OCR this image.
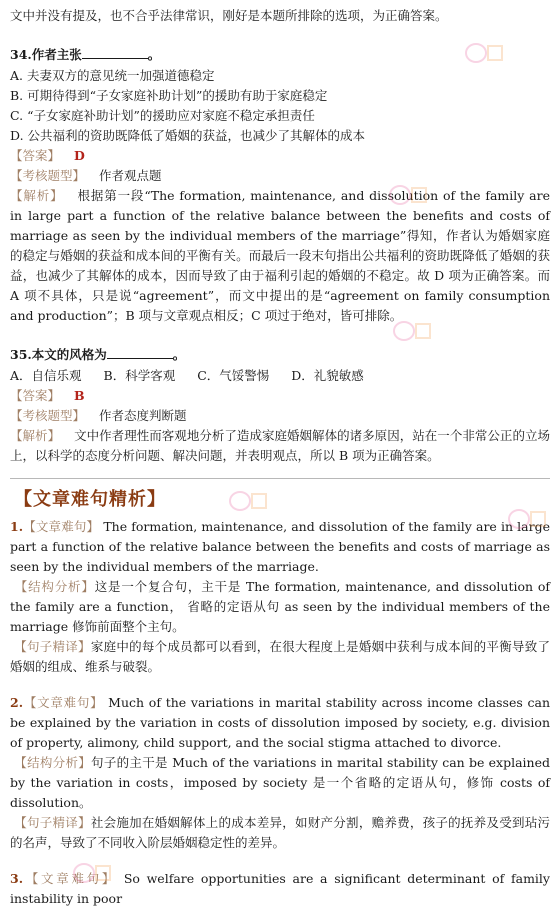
文中并没有提及，也不合乎法律常识，刚好是本题所排除的选项，为正确答案。
34.作者主张	。
A. 夫妻双方的意见统一加强道德稳定
B. 可期待得到“子女家庭补助计划”的援助有助于家庭稳定
C. “子女家庭补助计划”的援助应对家庭不稳定承担责任
D. 公共福利的资助既降低了婚姻的获益，也减少了其解体的成本
【答案】 D
【考核题型】 作者观点题
【解析】 根据第一段“The formation, maintenance, and dissolution of the family are in large part a function of the relative balance between the benefits and costs of marriage as seen by the individual members of the marriage”得知，作者认为婚姻家庭的稳定与婚姻的获益和成本间的平衡有关。而最后一段末句指出公共福利的资助既降低了婚姻的获益，也减少了其解体的成本，因而导致了由于福利引起的婚姻的不稳定。故 D 项为正确答案。而 A 项不具体，只是说“agreement”，而文中提出的是“agreement on family consumption and production”；B 项与文章观点相反；C 项过于绝对，皆可排除。
35.本文的风格为	。
A．自信乐观 B．科学客观 C．气馁警惕 D．礼貌敏感
【答案】 B
【考核题型】 作者态度判断题
【解析】 文中作者理性而客观地分析了造成家庭婚姻解体的诸多原因，站在一个非常公正的立场上，以科学的态度分析问题、解决问题，并表明观点，所以 B 项为正确答案。
【文章难句精析】
1.【文章难句】 The formation, maintenance, and dissolution of the family are in large part a function of the relative balance between the benefits and costs of marriage as seen by the individual members of the marriage.
【结构分析】这是一个复合句，主干是 The formation, maintenance, and dissolution of the family are a function， 省略的定语从句 as seen by the individual members of the marriage 修饰前面整个主句。
【句子精译】家庭中的每个成员都可以看到，在很大程度上是婚姻中获利与成本间的平衡导致了婚姻的组成、维系与破裂。
2.【文章难句】 Much of the variations in marital stability across income classes can be explained by the variation in costs of dissolution imposed by society, e.g. division of property, alimony, child support, and the social stigma attached to divorce.
【结构分析】句子的主干是 Much of the variations in marital stability can be explained by the variation in costs，imposed by society 是一个省略的定语从句，修饰 costs of dissolution。
【句子精译】社会施加在婚姻解体上的成本差异，如财产分割，赡养费，孩子的抚养及受到玷污的名声，导致了不同收入阶层婚姻稳定性的差异。
3.【文章难句】 So welfare opportunities are a significant determinant of family instability in poor
